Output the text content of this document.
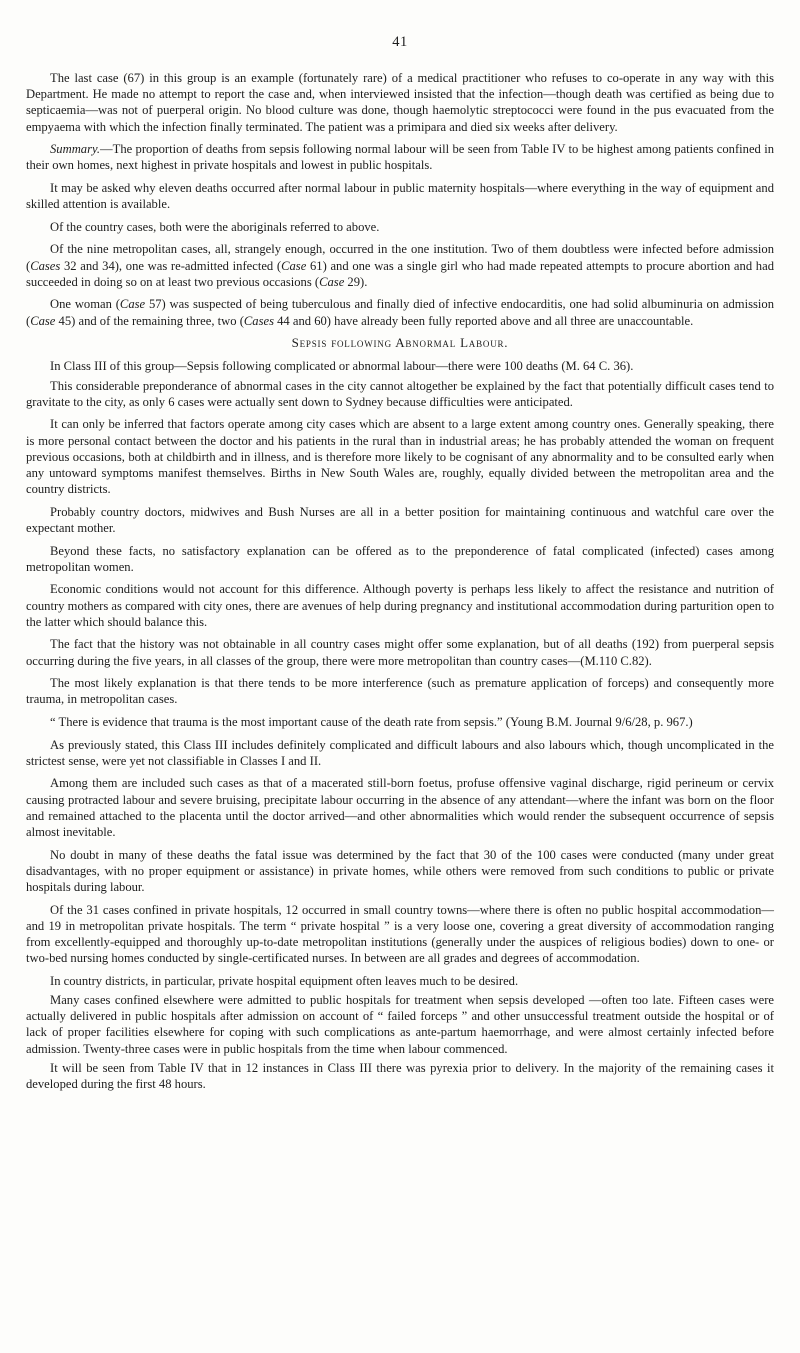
41

The last case (67) in this group is an example (fortunately rare) of a medical practitioner who refuses to co-operate in any way with this Department. He made no attempt to report the case and, when interviewed insisted that the infection—though death was certified as being due to septicaemia—was not of puerperal origin. No blood culture was done, though haemolytic streptococci were found in the pus evacuated from the empyaema with which the infection finally terminated. The patient was a primipara and died six weeks after delivery.

Summary.—The proportion of deaths from sepsis following normal labour will be seen from Table IV to be highest among patients confined in their own homes, next highest in private hospitals and lowest in public hospitals.

It may be asked why eleven deaths occurred after normal labour in public maternity hospitals—where everything in the way of equipment and skilled attention is available.

Of the country cases, both were the aboriginals referred to above.

Of the nine metropolitan cases, all, strangely enough, occurred in the one institution. Two of them doubtless were infected before admission (Cases 32 and 34), one was re-admitted infected (Case 61) and one was a single girl who had made repeated attempts to procure abortion and had succeeded in doing so on at least two previous occasions (Case 29).

One woman (Case 57) was suspected of being tuberculous and finally died of infective endocarditis, one had solid albuminuria on admission (Case 45) and of the remaining three, two (Cases 44 and 60) have already been fully reported above and all three are unaccountable.

Sepsis following Abnormal Labour.

In Class III of this group—Sepsis following complicated or abnormal labour—there were 100 deaths (M. 64 C. 36).

This considerable preponderance of abnormal cases in the city cannot altogether be explained by the fact that potentially difficult cases tend to gravitate to the city, as only 6 cases were actually sent down to Sydney because difficulties were anticipated.

It can only be inferred that factors operate among city cases which are absent to a large extent among country ones. Generally speaking, there is more personal contact between the doctor and his patients in the rural than in industrial areas; he has probably attended the woman on frequent previous occasions, both at childbirth and in illness, and is therefore more likely to be cognisant of any abnormality and to be consulted early when any untoward symptoms manifest themselves. Births in New South Wales are, roughly, equally divided between the metropolitan area and the country districts.

Probably country doctors, midwives and Bush Nurses are all in a better position for maintaining continuous and watchful care over the expectant mother.

Beyond these facts, no satisfactory explanation can be offered as to the preponderence of fatal complicated (infected) cases among metropolitan women.

Economic conditions would not account for this difference. Although poverty is perhaps less likely to affect the resistance and nutrition of country mothers as compared with city ones, there are avenues of help during pregnancy and institutional accommodation during parturition open to the latter which should balance this.

The fact that the history was not obtainable in all country cases might offer some explanation, but of all deaths (192) from puerperal sepsis occurring during the five years, in all classes of the group, there were more metropolitan than country cases—(M.110 C.82).

The most likely explanation is that there tends to be more interference (such as premature application of forceps) and consequently more trauma, in metropolitan cases.

“ There is evidence that trauma is the most important cause of the death rate from sepsis.” (Young B.M. Journal 9/6/28, p. 967.)

As previously stated, this Class III includes definitely complicated and difficult labours and also labours which, though uncomplicated in the strictest sense, were yet not classifiable in Classes I and II.

Among them are included such cases as that of a macerated still-born foetus, profuse offensive vaginal discharge, rigid perineum or cervix causing protracted labour and severe bruising, precipitate labour occurring in the absence of any attendant—where the infant was born on the floor and remained attached to the placenta until the doctor arrived—and other abnormalities which would render the subsequent occurrence of sepsis almost inevitable.

No doubt in many of these deaths the fatal issue was determined by the fact that 30 of the 100 cases were conducted (many under great disadvantages, with no proper equipment or assistance) in private homes, while others were removed from such conditions to public or private hospitals during labour.

Of the 31 cases confined in private hospitals, 12 occurred in small country towns—where there is often no public hospital accommodation—and 19 in metropolitan private hospitals. The term “ private hospital ” is a very loose one, covering a great diversity of accommodation ranging from excellently-equipped and thoroughly up-to-date metropolitan institutions (generally under the auspices of religious bodies) down to one- or two-bed nursing homes conducted by single-certificated nurses. In between are all grades and degrees of accommodation.

In country districts, in particular, private hospital equipment often leaves much to be desired.

Many cases confined elsewhere were admitted to public hospitals for treatment when sepsis developed —often too late. Fifteen cases were actually delivered in public hospitals after admission on account of “ failed forceps ” and other unsuccessful treatment outside the hospital or of lack of proper facilities elsewhere for coping with such complications as ante-partum haemorrhage, and were almost certainly infected before admission. Twenty-three cases were in public hospitals from the time when labour commenced.

It will be seen from Table IV that in 12 instances in Class III there was pyrexia prior to delivery. In the majority of the remaining cases it developed during the first 48 hours.
